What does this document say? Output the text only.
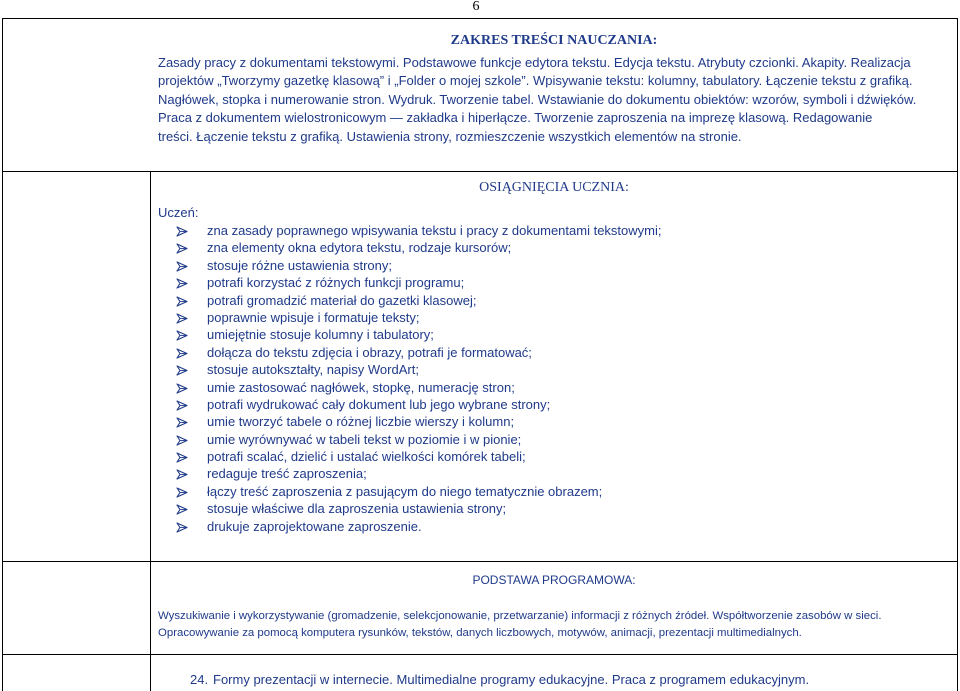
6
ZAKRES TREŚCI NAUCZANIA:
Zasady pracy z dokumentami tekstowymi. Podstawowe funkcje edytora tekstu. Edycja tekstu. Atrybuty czcionki. Akapity. Realizacja
projektów „Tworzymy gazetkę klasową” i „Folder o mojej szkole”. Wpisywanie tekstu: kolumny, tabulatory. Łączenie tekstu z grafiką.
Nagłówek, stopka i numerowanie stron. Wydruk. Tworzenie tabel. Wstawianie do dokumentu obiektów: wzorów, symboli i dźwięków.
Praca z dokumentem wielostronicowym — zakładka i hiperłącze. Tworzenie zaproszenia na imprezę klasową. Redagowanie
treści. Łączenie tekstu z grafiką. Ustawienia strony, rozmieszczenie wszystkich elementów na stronie.
OSIĄGNIĘCIA UCZNIA:
Uczeń:
zna zasady poprawnego wpisywania tekstu i pracy z dokumentami tekstowymi;
zna elementy okna edytora tekstu, rodzaje kursorów;
stosuje różne ustawienia strony;
potrafi korzystać z różnych funkcji programu;
potrafi gromadzić materiał do gazetki klasowej;
poprawnie wpisuje i formatuje teksty;
umiejętnie stosuje kolumny i tabulatory;
dołącza do tekstu zdjęcia i obrazy, potrafi je formatować;
stosuje autokształty, napisy WordArt;
umie zastosować nagłówek, stopkę, numerację stron;
potrafi wydrukować cały dokument lub jego wybrane strony;
umie tworzyć tabele o różnej liczbie wierszy i kolumn;
umie wyrównywać w tabeli tekst w poziomie i w pionie;
potrafi scalać, dzielić i ustalać wielkości komórek tabeli;
redaguje treść zaproszenia;
łączy treść zaproszenia z pasującym do niego tematycznie obrazem;
stosuje właściwe dla zaproszenia ustawienia strony;
drukuje zaprojektowane zaproszenie.
PODSTAWA PROGRAMOWA:
Wyszukiwanie i wykorzystywanie (gromadzenie, selekcjonowanie, przetwarzanie) informacji z różnych źródeł. Współtworzenie zasobów w sieci.
Opracowywanie za pomocą komputera rysunków, tekstów, danych liczbowych, motywów, animacji, prezentacji multimedialnych.
24. Formy prezentacji w internecie. Multimedialne programy edukacyjne. Praca z programem edukacyjnym.
